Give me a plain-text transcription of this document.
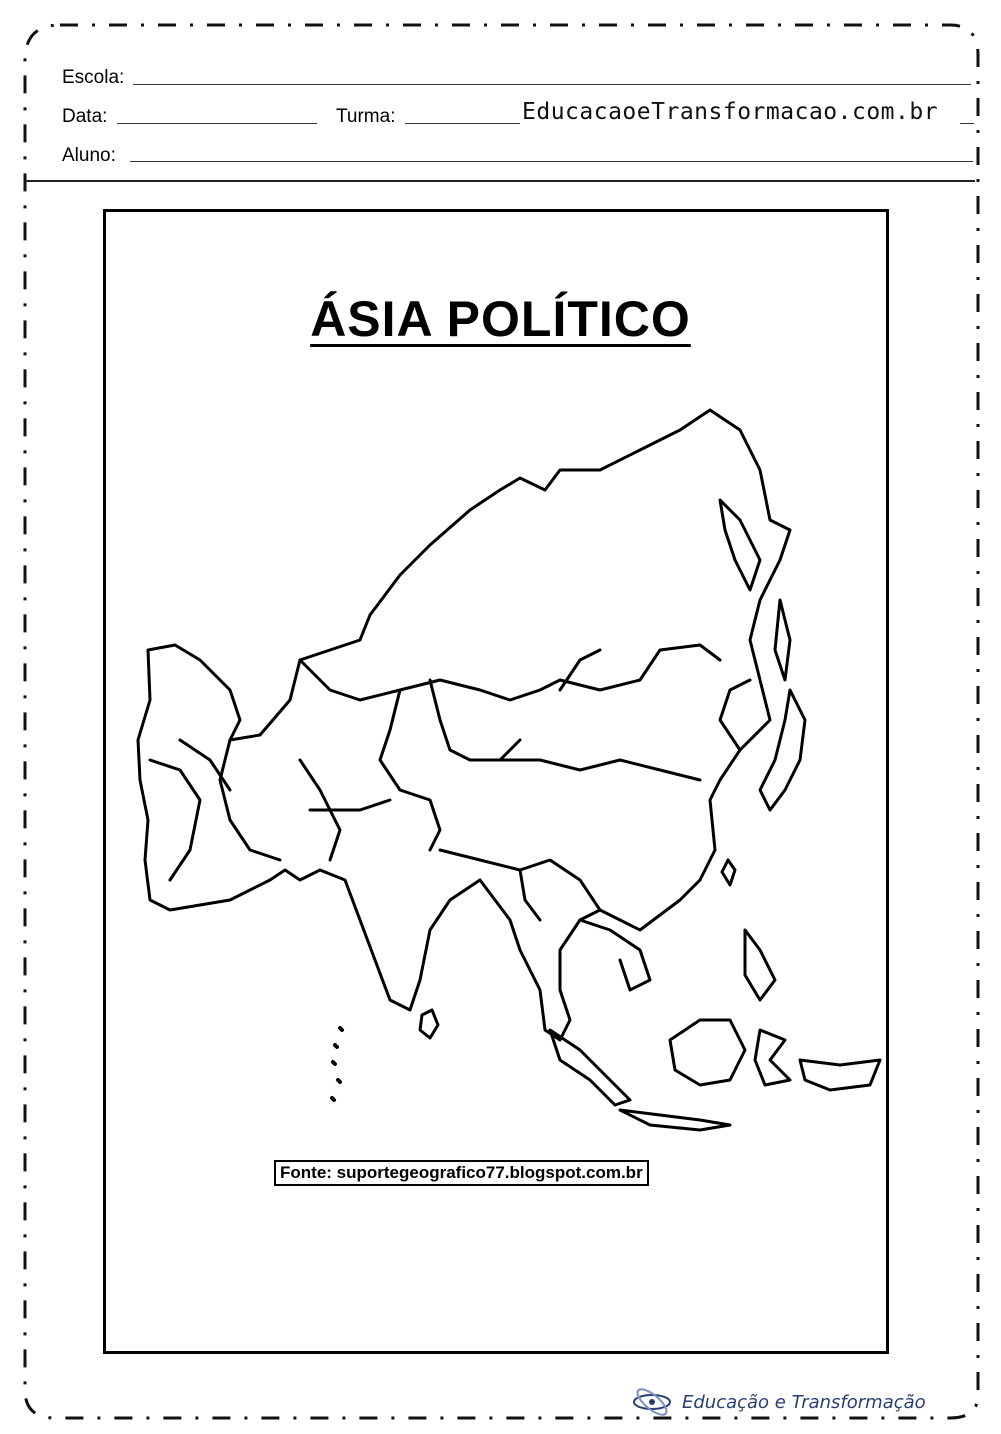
Escola:
Data:	Turma:	EducacaoeTransformacao.com.br
Aluno:
ÁSIA POLÍTICO
Fonte: suportegeografico77.blogspot.com.br
Educação e Transformação
